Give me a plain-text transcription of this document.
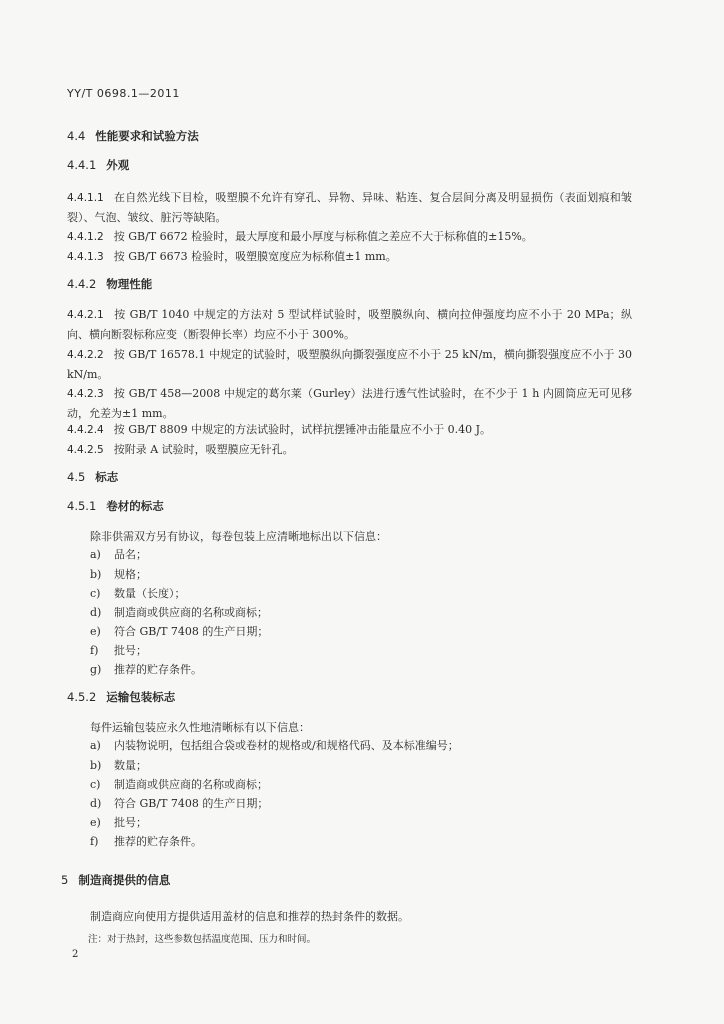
YY/T 0698.1—2011
4.4 性能要求和试验方法
4.4.1 外观
4.4.1.1 在自然光线下目检，吸塑膜不允许有穿孔、异物、异味、粘连、复合层间分离及明显损伤（表面划痕和皱裂）、气泡、皱纹、脏污等缺陷。
4.4.1.2 按 GB/T 6672 检验时，最大厚度和最小厚度与标称值之差应不大于标称值的±15%。
4.4.1.3 按 GB/T 6673 检验时，吸塑膜宽度应为标称值±1 mm。
4.4.2 物理性能
4.4.2.1 按 GB/T 1040 中规定的方法对 5 型试样试验时，吸塑膜纵向、横向拉伸强度均应不小于 20 MPa；纵向、横向断裂标称应变（断裂伸长率）均应不小于 300%。
4.4.2.2 按 GB/T 16578.1 中规定的试验时，吸塑膜纵向撕裂强度应不小于 25 kN/m，横向撕裂强度应不小于 30 kN/m。
4.4.2.3 按 GB/T 458—2008 中规定的葛尔莱（Gurley）法进行透气性试验时，在不少于 1 h 内圆筒应无可见移动，允差为±1 mm。
4.4.2.4 按 GB/T 8809 中规定的方法试验时，试样抗摆锤冲击能量应不小于 0.40 J。
4.4.2.5 按附录 A 试验时，吸塑膜应无针孔。
4.5 标志
4.5.1 卷材的标志
除非供需双方另有协议，每卷包装上应清晰地标出以下信息：
a) 品名；
b) 规格；
c) 数量（长度）；
d) 制造商或供应商的名称或商标；
e) 符合 GB/T 7408 的生产日期；
f) 批号；
g) 推荐的贮存条件。
4.5.2 运输包装标志
每件运输包装应永久性地清晰标有以下信息：
a) 内装物说明，包括组合袋或卷材的规格或/和规格代码、及本标准编号；
b) 数量；
c) 制造商或供应商的名称或商标；
d) 符合 GB/T 7408 的生产日期；
e) 批号；
f) 推荐的贮存条件。
5 制造商提供的信息
制造商应向使用方提供适用盖材的信息和推荐的热封条件的数据。
注：对于热封，这些参数包括温度范围、压力和时间。
2
